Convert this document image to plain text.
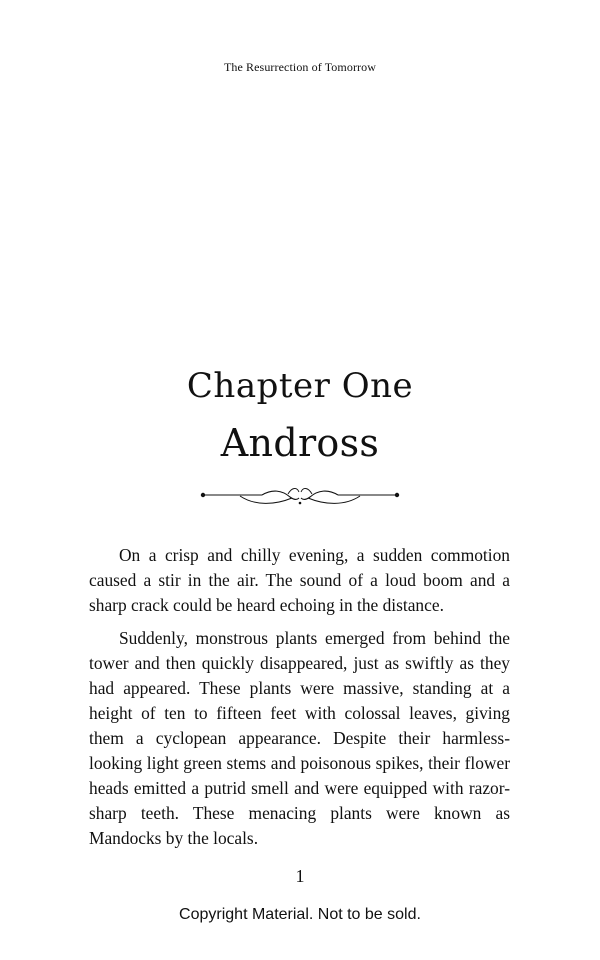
The Resurrection of Tomorrow
Chapter One
Andross

On a crisp and chilly evening, a sudden commotion caused a stir in the air. The sound of a loud boom and a sharp crack could be heard echoing in the distance.

Suddenly, monstrous plants emerged from behind the tower and then quickly disappeared, just as swiftly as they had appeared. These plants were massive, standing at a height of ten to fifteen feet with colossal leaves, giving them a cyclopean appearance. Despite their harmless-looking light green stems and poisonous spikes, their flower heads emitted a putrid smell and were equipped with razor-sharp teeth. These menacing plants were known as Mandocks by the locals.

1
Copyright Material. Not to be sold.
